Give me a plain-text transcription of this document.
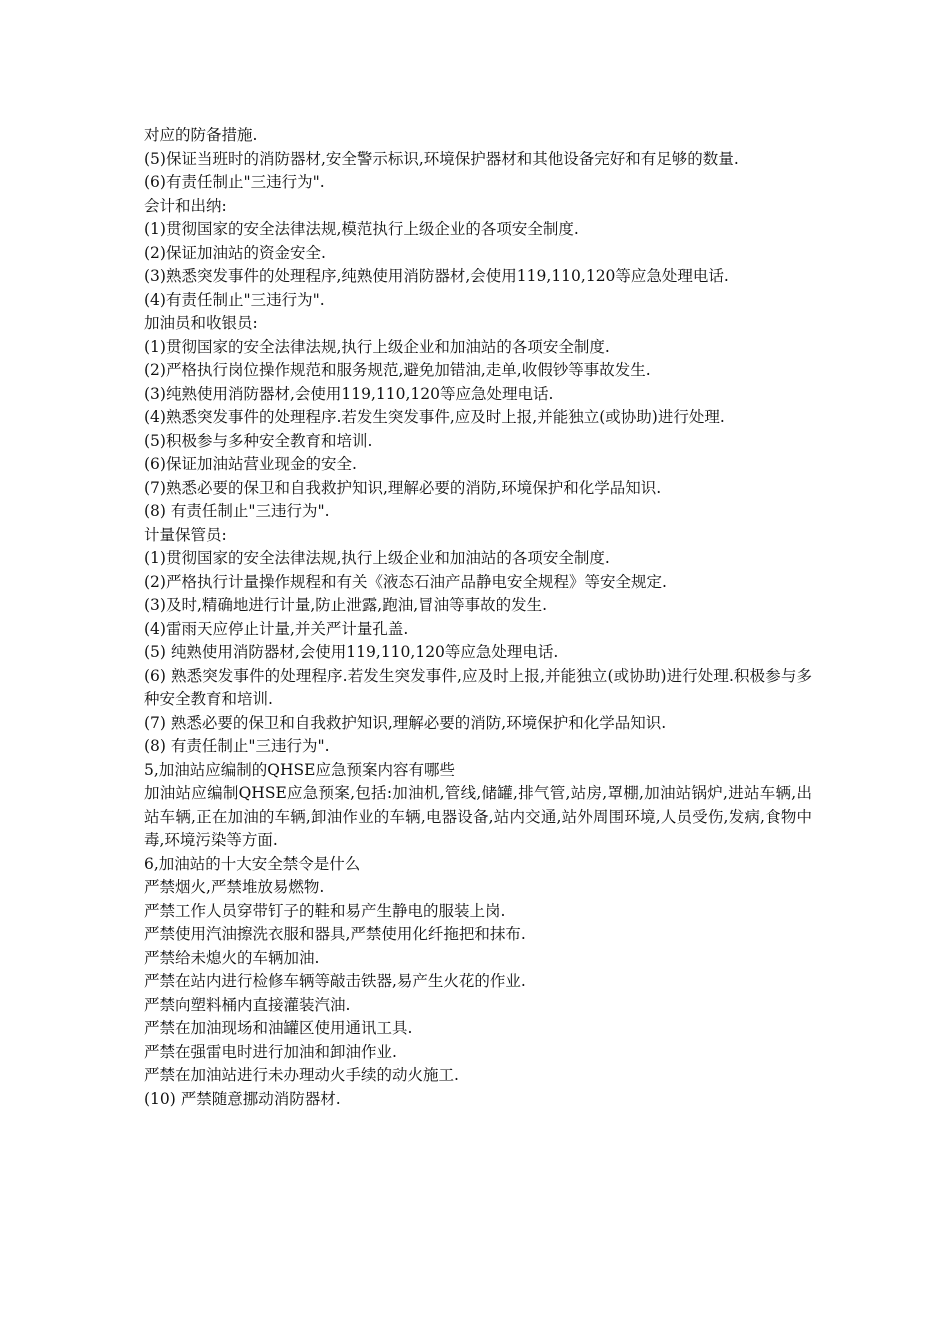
对应的防备措施.

(5)保证当班时的消防器材,安全警示标识,环境保护器材和其他设备完好和有足够的数量.

(6)有责任制止"三违行为".

会计和出纳:

(1)贯彻国家的安全法律法规,模范执行上级企业的各项安全制度.

(2)保证加油站的资金安全.

(3)熟悉突发事件的处理程序,纯熟使用消防器材,会使用119,110,120等应急处理电话.

(4)有责任制止"三违行为".

加油员和收银员:

(1)贯彻国家的安全法律法规,执行上级企业和加油站的各项安全制度.

(2)严格执行岗位操作规范和服务规范,避免加错油,走单,收假钞等事故发生.

(3)纯熟使用消防器材,会使用119,110,120等应急处理电话.

(4)熟悉突发事件的处理程序.若发生突发事件,应及时上报,并能独立(或协助)进行处理.

(5)积极参与多种安全教育和培训.

(6)保证加油站营业现金的安全.

(7)熟悉必要的保卫和自我救护知识,理解必要的消防,环境保护和化学品知识.

(8) 有责任制止"三违行为".

计量保管员:

(1)贯彻国家的安全法律法规,执行上级企业和加油站的各项安全制度.

(2)严格执行计量操作规程和有关《液态石油产品静电安全规程》等安全规定.

(3)及时,精确地进行计量,防止泄露,跑油,冒油等事故的发生.

(4)雷雨天应停止计量,并关严计量孔盖.

(5) 纯熟使用消防器材,会使用119,110,120等应急处理电话.

(6) 熟悉突发事件的处理程序.若发生突发事件,应及时上报,并能独立(或协助)进行处理.积极参与多种安全教育和培训.

(7) 熟悉必要的保卫和自我救护知识,理解必要的消防,环境保护和化学品知识.

(8) 有责任制止"三违行为".

5,加油站应编制的QHSE应急预案内容有哪些

加油站应编制QHSE应急预案,包括:加油机,管线,储罐,排气管,站房,罩棚,加油站锅炉,进站车辆,出站车辆,正在加油的车辆,卸油作业的车辆,电器设备,站内交通,站外周围环境,人员受伤,发病,食物中毒,环境污染等方面.

6,加油站的十大安全禁令是什么

严禁烟火,严禁堆放易燃物.

严禁工作人员穿带钉子的鞋和易产生静电的服装上岗.

严禁使用汽油擦洗衣服和器具,严禁使用化纤拖把和抹布.

严禁给未熄火的车辆加油.

严禁在站内进行检修车辆等敲击铁器,易产生火花的作业.

严禁向塑料桶内直接灌装汽油.

严禁在加油现场和油罐区使用通讯工具.

严禁在强雷电时进行加油和卸油作业.

严禁在加油站进行未办理动火手续的动火施工.

(10) 严禁随意挪动消防器材.
